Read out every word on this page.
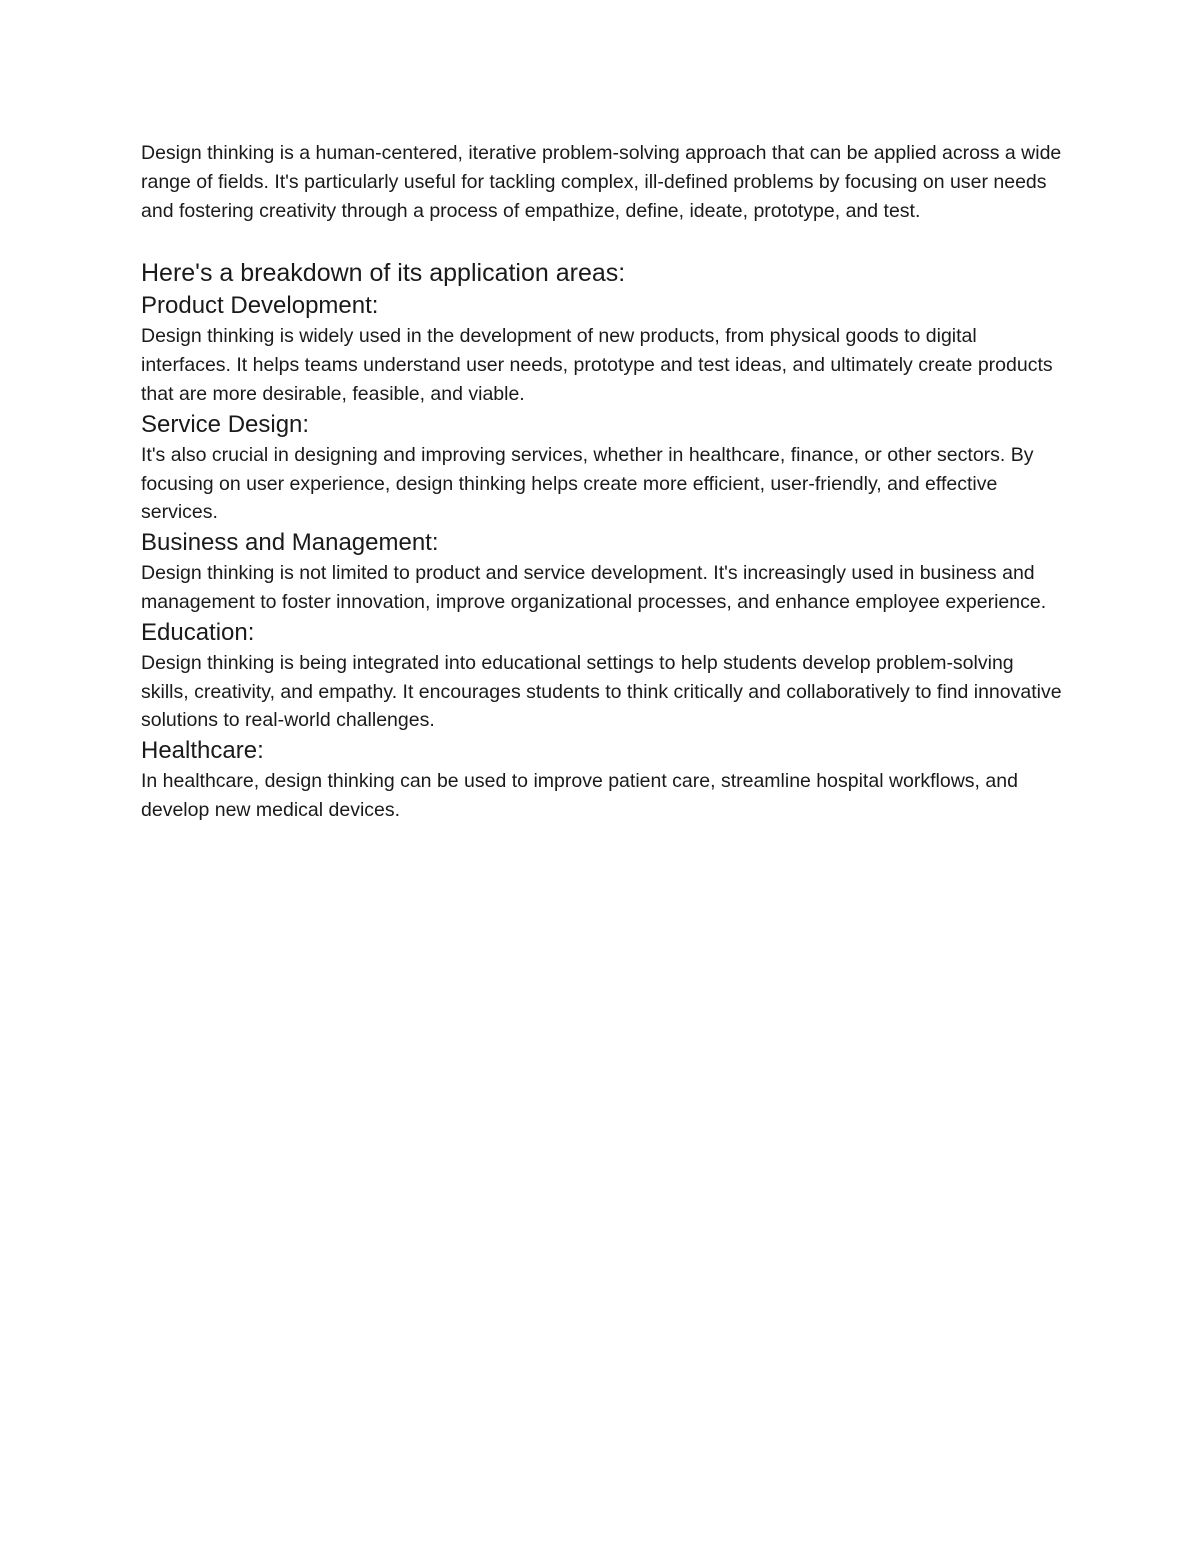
Design thinking is a human-centered, iterative problem-solving approach that can be applied across a wide range of fields. It's particularly useful for tackling complex, ill-defined problems by focusing on user needs and fostering creativity through a process of empathize, define, ideate, prototype, and test.

Here's a breakdown of its application areas:
Product Development:

Design thinking is widely used in the development of new products, from physical goods to digital interfaces. It helps teams understand user needs, prototype and test ideas, and ultimately create products that are more desirable, feasible, and viable.

Service Design:

It's also crucial in designing and improving services, whether in healthcare, finance, or other sectors. By focusing on user experience, design thinking helps create more efficient, user-friendly, and effective services.

Business and Management:

Design thinking is not limited to product and service development. It's increasingly used in business and management to foster innovation, improve organizational processes, and enhance employee experience.

Education:

Design thinking is being integrated into educational settings to help students develop problem-solving skills, creativity, and empathy. It encourages students to think critically and collaboratively to find innovative solutions to real-world challenges.

Healthcare:

In healthcare, design thinking can be used to improve patient care, streamline hospital workflows, and develop new medical devices.
